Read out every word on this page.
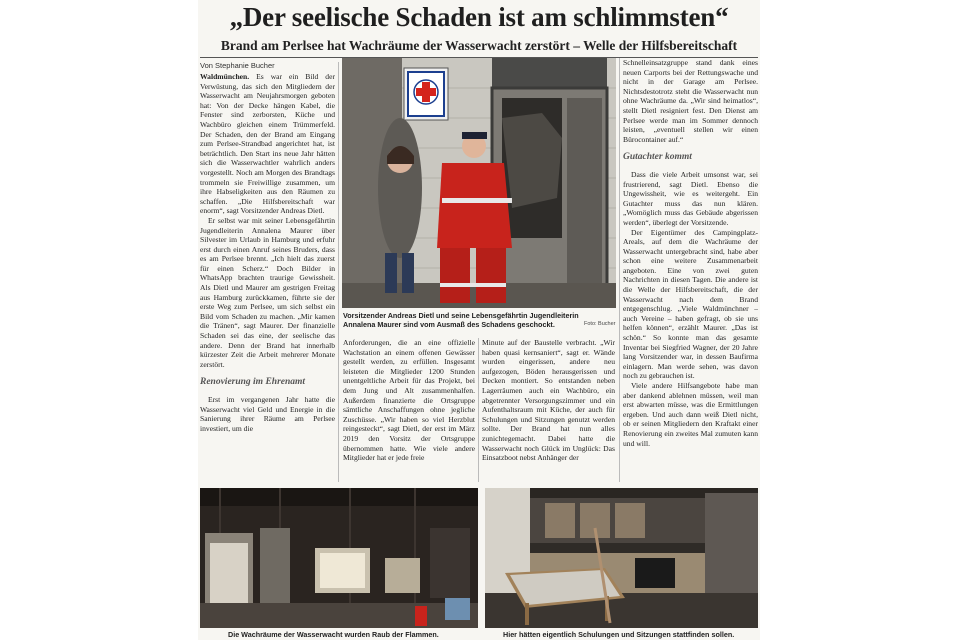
„Der seelische Schaden ist am schlimmsten“
Brand am Perlsee hat Wachräume der Wasserwacht zerstört – Welle der Hilfsbereitschaft
Von Stephanie Bucher

Waldmünchen. Es war ein Bild der Verwüstung, das sich den Mitgliedern der Wasserwacht am Neujahrsmorgen geboten hat: Von der Decke hängen Kabel, die Fenster sind zerborsten, Küche und Wachbüro gleichen einem Trümmerfeld. Der Schaden, den der Brand am Eingang zum Perlsee-Strandbad angerichtet hat, ist beträchtlich. Den Start ins neue Jahr hätten sich die Wasserwachtler wahrlich anders vorgestellt. Noch am Morgen des Brandtags trommeln sie Freiwillige zusammen, um ihre Habseligkeiten aus den Räumen zu schaffen. „Die Hilfsbereitschaft war enorm“, sagt Vorsitzender Andreas Dietl.

Er selbst war mit seiner Lebensgefährtin Jugendleiterin Annalena Maurer über Silvester im Urlaub in Hamburg und erfuhr erst durch einen Anruf seines Bruders, dass es am Perlsee brennt. „Ich hielt das zuerst für einen Scherz.“ Doch Bilder in WhatsApp brachten traurige Gewissheit. Als Dietl und Maurer am gestrigen Freitag aus Hamburg zurückkamen, führte sie der erste Weg zum Perlsee, um sich selbst ein Bild vom Schaden zu machen. „Mir kamen die Tränen“, sagt Maurer. Der finanzielle Schaden sei das eine, der seelische das andere. Denn der Brand hat innerhalb kürzester Zeit die Arbeit mehrerer Monate zerstört.

Renovierung im Ehrenamt

Erst im vergangenen Jahr hatte die Wasserwacht viel Geld und Energie in die Sanierung ihrer Räume am Perlsee investiert, um die

Vorsitzender Andreas Dietl und seine Lebensgefährtin Jugendleiterin Annalena Maurer sind vom Ausmaß des Schadens geschockt.	Foto: Bucher

Anforderungen, die an eine offizielle Wachstation an einem offenen Gewässer gestellt werden, zu erfüllen. Insgesamt leisteten die Mitglieder 1200 Stunden unentgeltliche Arbeit für das Projekt, bei dem Jung und Alt zusammenhalfen. Außerdem finanzierte die Ortsgruppe sämtliche Anschaffungen ohne jegliche Zuschüsse. „Wir haben so viel Herzblut reingesteckt“, sagt Dietl, der erst im März 2019 den Vorsitz der Ortsgruppe übernommen hatte. Wie viele andere Mitglieder hat er jede freie

Minute auf der Baustelle verbracht. „Wir haben quasi kernsaniert“, sagt er. Wände wurden eingerissen, andere neu aufgezogen, Böden herausgerissen und Decken montiert. So entstanden neben Lagerräumen auch ein Wachbüro, ein abgetrennter Versorgungszimmer und ein Aufenthaltsraum mit Küche, der auch für Schulungen und Sitzungen genutzt werden sollte. Der Brand hat nun alles zunichtegemacht. Dabei hatte die Wasserwacht noch Glück im Unglück: Das Einsatzboot nebst Anhänger der

Schnelleinsatzgruppe stand dank eines neuen Carports bei der Rettungswache und nicht in der Garage am Perlsee. Nichtsdestotrotz steht die Wasserwacht nun ohne Wachräume da. „Wir sind heimatlos“, stellt Dietl resigniert fest. Den Dienst am Perlsee werde man im Sommer dennoch leisten, „eventuell stellen wir einen Bürocontainer auf.“

Gutachter kommt

Dass die viele Arbeit umsonst war, sei frustrierend, sagt Dietl. Ebenso die Ungewissheit, wie es weitergeht. Ein Gutachter muss das nun klären. „Womöglich muss das Gebäude abgerissen werden“, überlegt der Vorsitzende.

Der Eigentümer des Campingplatz-Areals, auf dem die Wachräume der Wasserwacht untergebracht sind, habe aber schon eine weitere Zusammenarbeit angeboten. Eine von zwei guten Nachrichten in diesen Tagen. Die andere ist die Welle der Hilfsbereitschaft, die der Wasserwacht nach dem Brand entgegenschlug. „Viele Waldmünchner – auch Vereine – haben gefragt, ob sie uns helfen können“, erzählt Maurer. „Das ist schön.“ So konnte man das gesamte Inventar bei Siegfried Wagner, der 20 Jahre lang Vorsitzender war, in dessen Baufirma einlagern. Man werde sehen, was davon noch zu gebrauchen ist.

Viele andere Hilfsangebote habe man aber dankend ablehnen müssen, weil man erst abwarten müsse, was die Ermittlungen ergeben. Und auch dann weiß Dietl nicht, ob er seinen Mitgliedern den Kraftakt einer Renovierung ein zweites Mal zumuten kann und will.

Die Wachräume der Wasserwacht wurden Raub der Flammen.	Hier hätten eigentlich Schulungen und Sitzungen stattfinden sollen.
